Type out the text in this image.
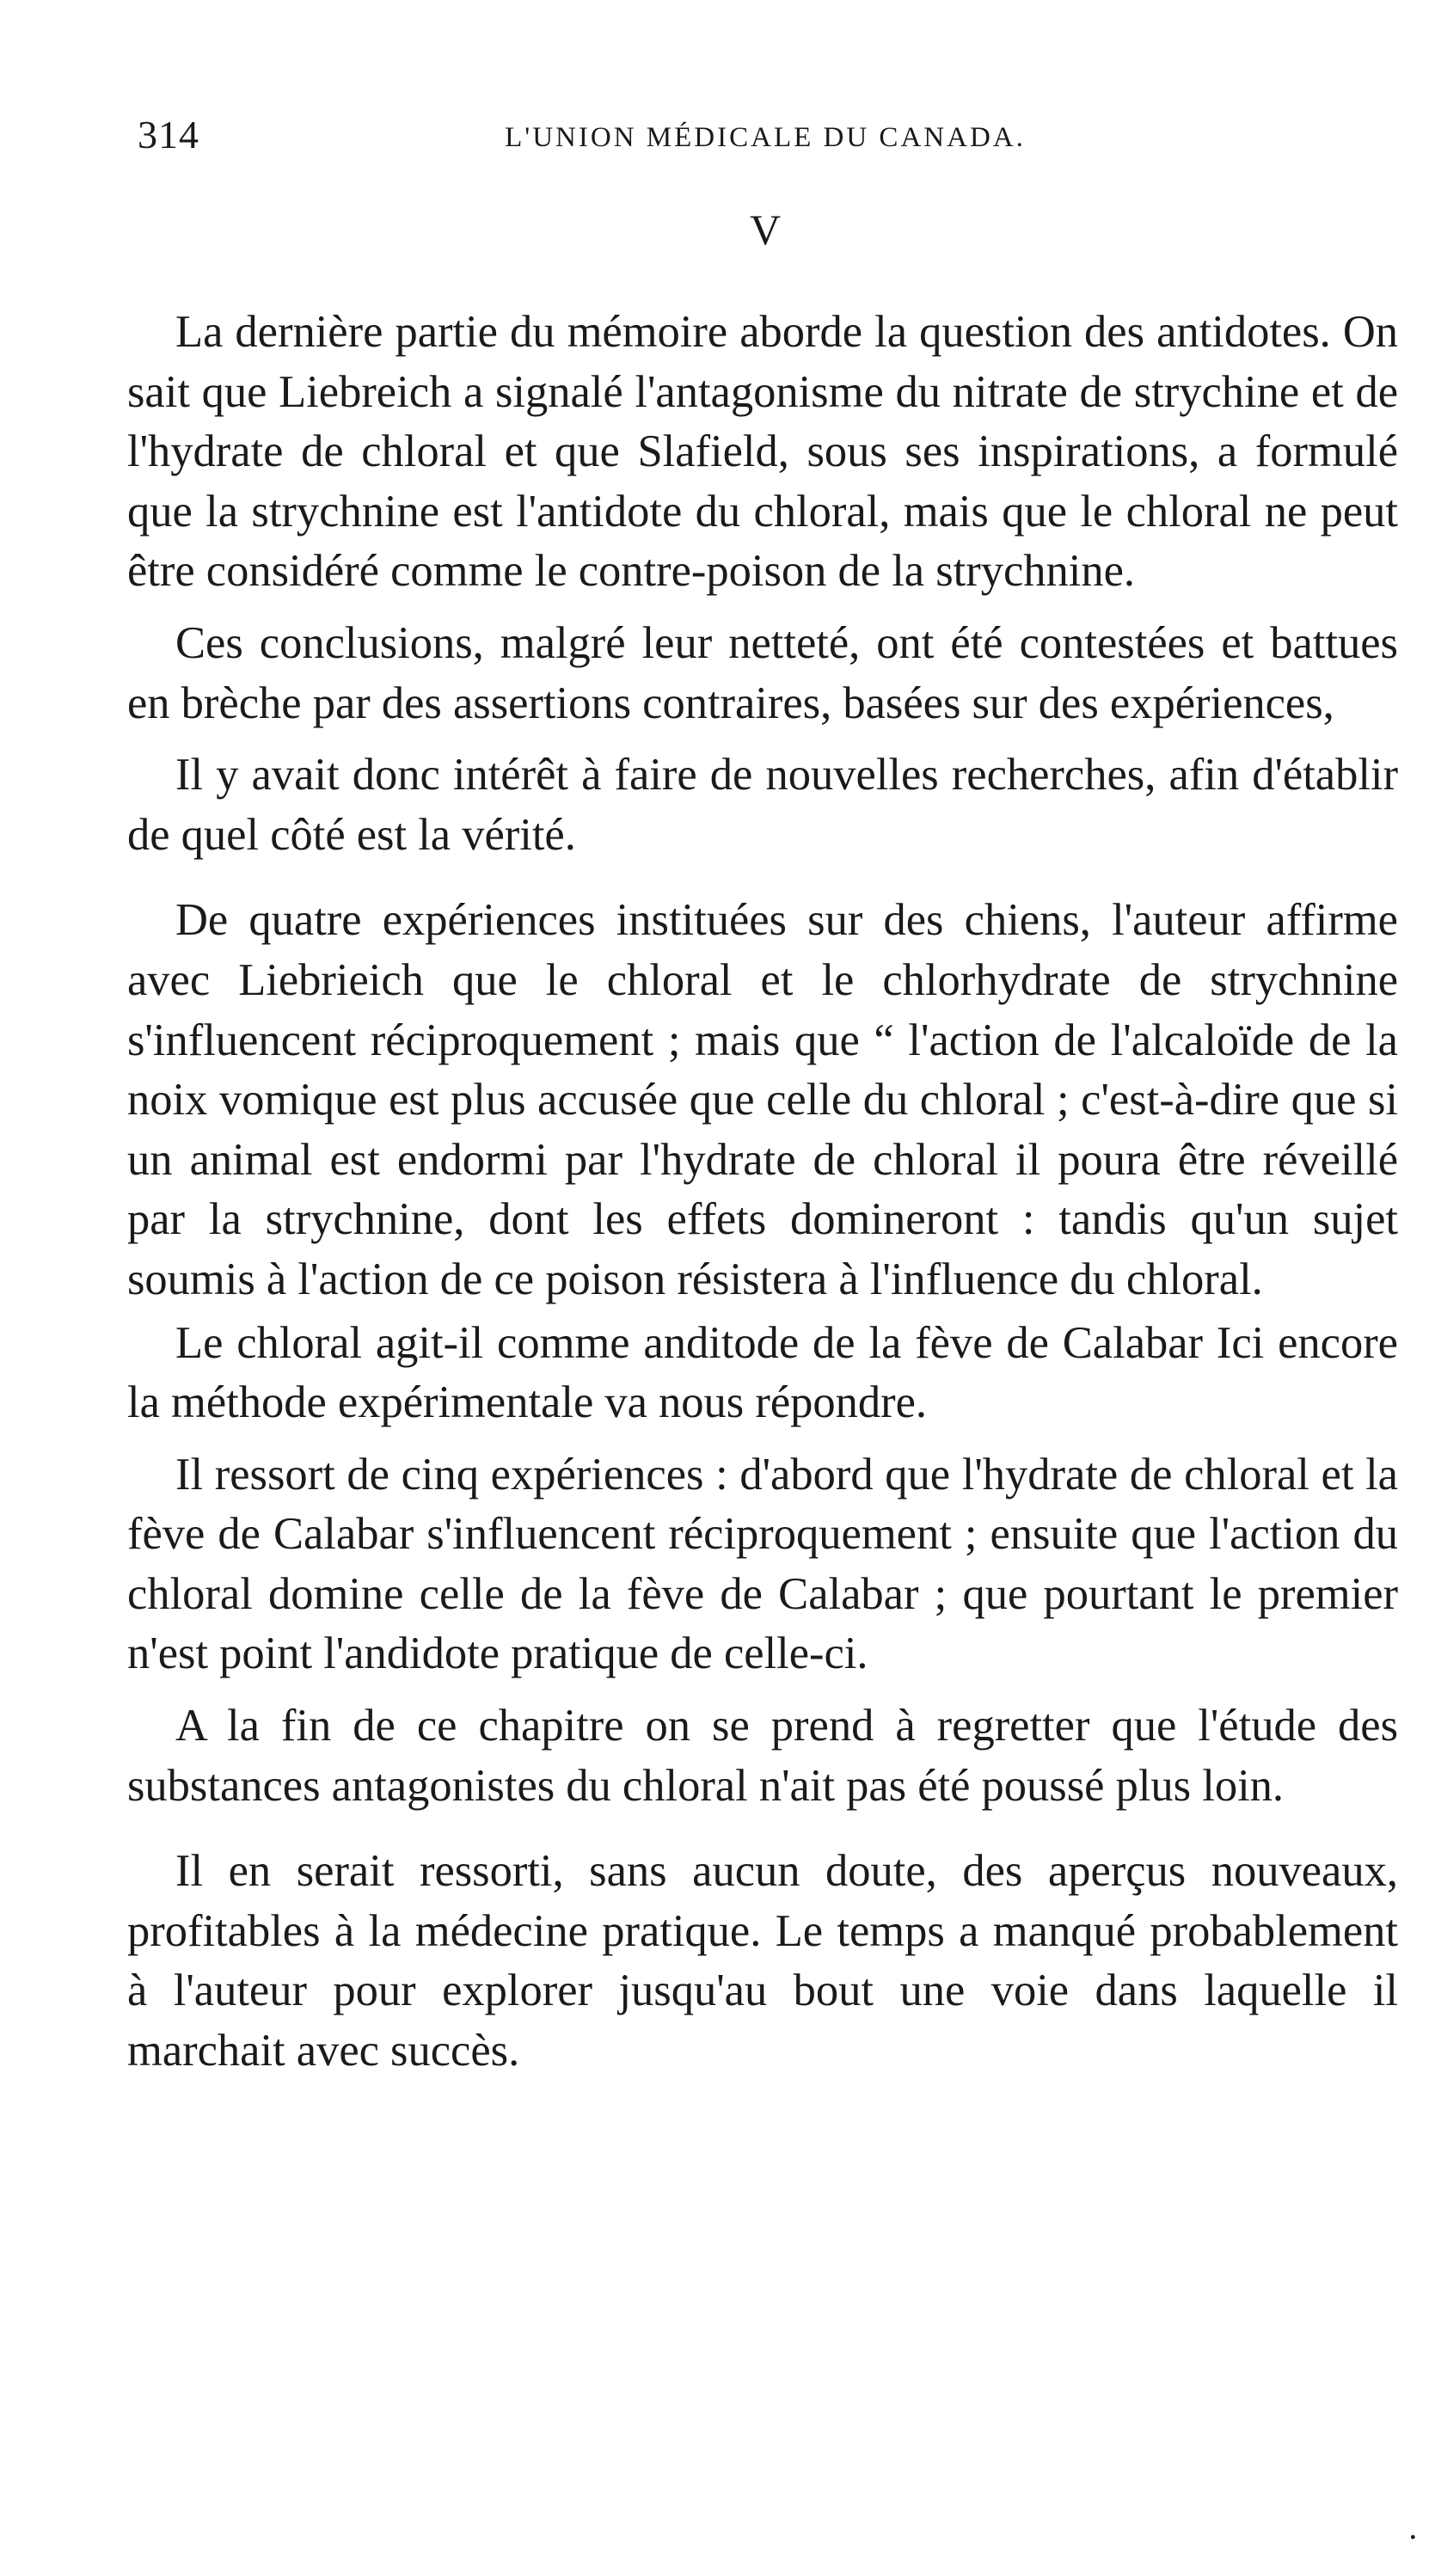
314	L'UNION MÉDICALE DU CANADA.
V

La dernière partie du mémoire aborde la question des antidotes. On sait que Liebreich a signalé l'antagonisme du nitrate de strychine et de l'hydrate de chloral et que Slafield, sous ses inspirations, a formulé que la strychnine est l'antidote du chloral, mais que le chloral ne peut être considéré comme le contre-poison de la strychnine.

Ces conclusions, malgré leur netteté, ont été contestées et battues en brèche par des assertions contraires, basées sur des expériences,

Il y avait donc intérêt à faire de nouvelles recherches, afin d'établir de quel côté est la vérité.

De quatre expériences instituées sur des chiens, l'auteur affirme avec Liebrieich que le chloral et le chlorhydrate de strychnine s'influencent réciproquement ; mais que “ l'action de l'alcaloïde de la noix vomique est plus accusée que celle du chloral ; c'est-à-dire que si un animal est endormi par l'hydrate de chloral il poura être réveillé par la strychnine, dont les effets domineront : tandis qu'un sujet soumis à l'action de ce poison résistera à l'influence du chloral.

Le chloral agit-il comme anditode de la fève de Calabar Ici encore la méthode expérimentale va nous répondre.

Il ressort de cinq expériences : d'abord que l'hydrate de chloral et la fève de Calabar s'influencent réciproquement ; ensuite que l'action du chloral domine celle de la fève de Calabar ; que pourtant le premier n'est point l'andidote pratique de celle-ci.

A la fin de ce chapitre on se prend à regretter que l'étude des substances antagonistes du chloral n'ait pas été poussé plus loin.

Il en serait ressorti, sans aucun doute, des aperçus nouveaux, profitables à la médecine pratique. Le temps a manqué probablement à l'auteur pour explorer jusqu'au bout une voie dans laquelle il marchait avec succès.

·
